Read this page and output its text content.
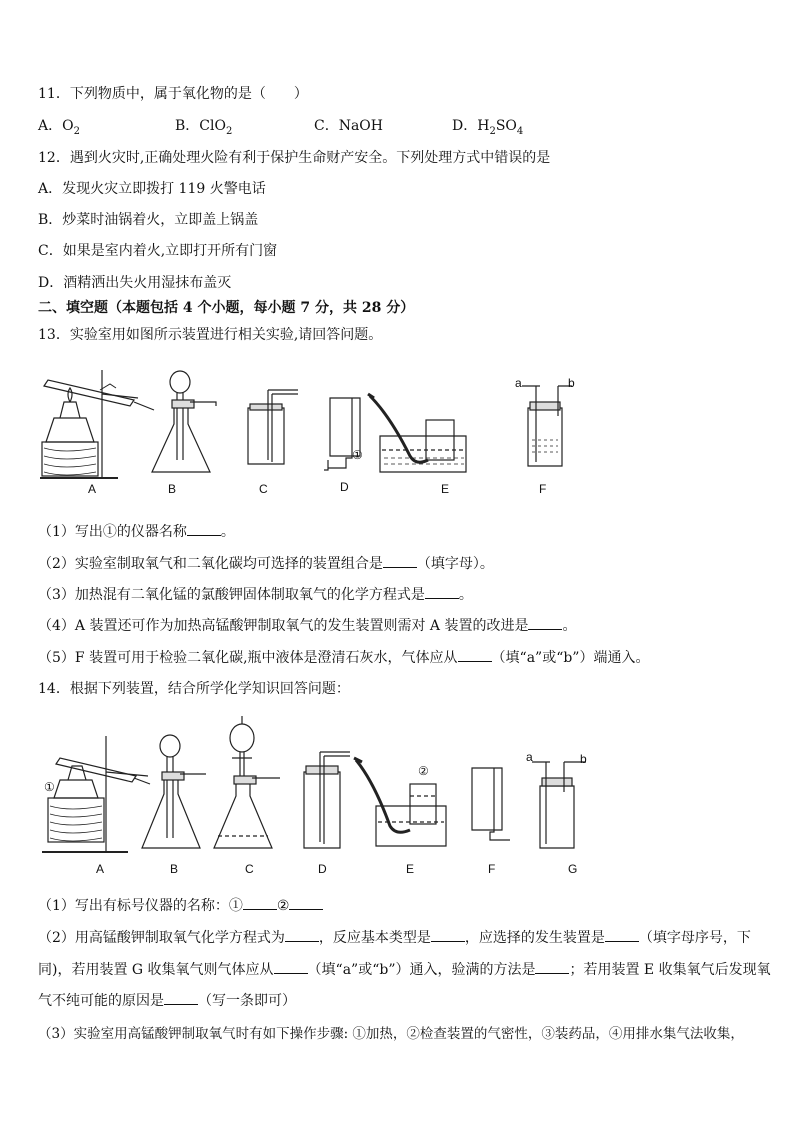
11．下列物质中，属于氧化物的是（　　）
A．$O_2$	B．ClO$_2$	C．NaOH	D．$H_2SO_4$
12．遇到火灾时,正确处理火险有利于保护生命财产安全。下列处理方式中错误的是
A．发现火灾立即拨打 119 火警电话
B．炒菜时油锅着火，立即盖上锅盖
C．如果是室内着火,立即打开所有门窗
D．酒精洒出失火用湿抹布盖灭
二、填空题（本题包括 4 个小题，每小题 7 分，共 28 分）
13．实验室用如图所示装置进行相关实验,请回答问题。
①
a	b
A	B	C	D	E	F
（1）写出①的仪器名称 。
（2）实验室制取氧气和二氧化碳均可选择的装置组合是 （填字母）。
（3）加热混有二氧化锰的氯酸钾固体制取氧气的化学方程式是 。
（4）A 装置还可作为加热高锰酸钾制取氧气的发生装置则需对 A 装置的改进是 。
（5）F 装置可用于检验二氧化碳,瓶中液体是澄清石灰水，气体应从 （填“a”或“b”）端通入。
14．根据下列装置，结合所学化学知识回答问题：
①
②
a	b
A	B	C	D	E	F	G
（1）写出有标号仪器的名称：① ②
（2）用高锰酸钾制取氧气化学方程式为 ，反应基本类型是 ，应选择的发生装置是 （填字母序号，下
同)，若用装置 G 收集氧气则气体应从 （填“a”或“b”）通入，验满的方法是 ；若用装置 E 收集氧气后发现氧
气不纯可能的原因是 （写一条即可）
（3）实验室用高锰酸钾制取氧气时有如下操作步骤: ①加热，②检查装置的气密性，③装药品，④用排水集气法收集，
